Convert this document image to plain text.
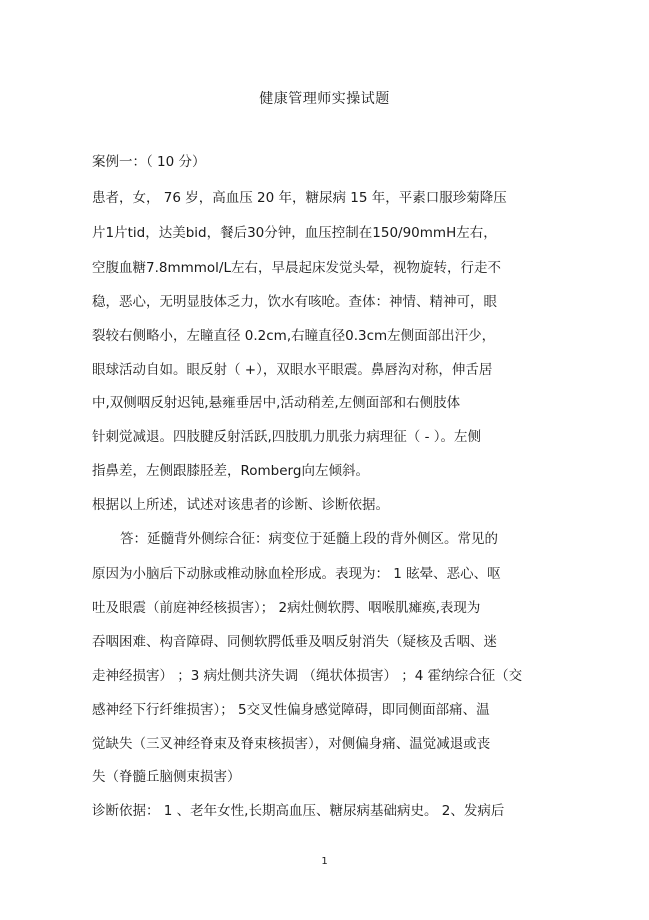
健康管理师实操试题
案例一：（ 10 分）
患者，女， 76 岁，高血压 20 年，糖尿病 15 年，平素口服珍菊降压
片1片tid，达美bid，餐后30分钟，血压控制在150/90mmH左右，
空腹血糖7.8mmmol/L左右，早晨起床发觉头晕，视物旋转，行走不
稳，恶心，无明显肢体乏力，饮水有咳呛。查体：神情、精神可，眼
裂较右侧略小，左瞳直径 0.2cm,右瞳直径0.3cm左侧面部出汗少，
眼球活动自如。眼反射（ +），双眼水平眼震。鼻唇沟对称，伸舌居
中,双侧咽反射迟钝,悬雍垂居中,活动稍差,左侧面部和右侧肢体
针刺觉减退。四肢腱反射活跃,四肢肌力肌张力病理征（ - ）。左侧
指鼻差，左侧跟膝胫差，Romberg向左倾斜。
根据以上所述，试述对该患者的诊断、诊断依据。
答：延髓背外侧综合征：病变位于延髓上段的背外侧区。常见的
原因为小脑后下动脉或椎动脉血栓形成。表现为： 1 眩晕、恶心、呕
吐及眼震（前庭神经核损害）； 2病灶侧软腭、咽喉肌瘫痪,表现为
吞咽困难、构音障碍、同侧软腭低垂及咽反射消失（疑核及舌咽、迷
走神经损害） ；3 病灶侧共济失调 （绳状体损害） ；4 霍纳综合征（交
感神经下行纤维损害）； 5交叉性偏身感觉障碍，即同侧面部痛、温
觉缺失（三叉神经脊束及脊束核损害），对侧偏身痛、温觉减退或丧
失（脊髓丘脑侧束损害）
诊断依据： 1 、老年女性,长期高血压、糖尿病基础病史。 2、发病后
1
